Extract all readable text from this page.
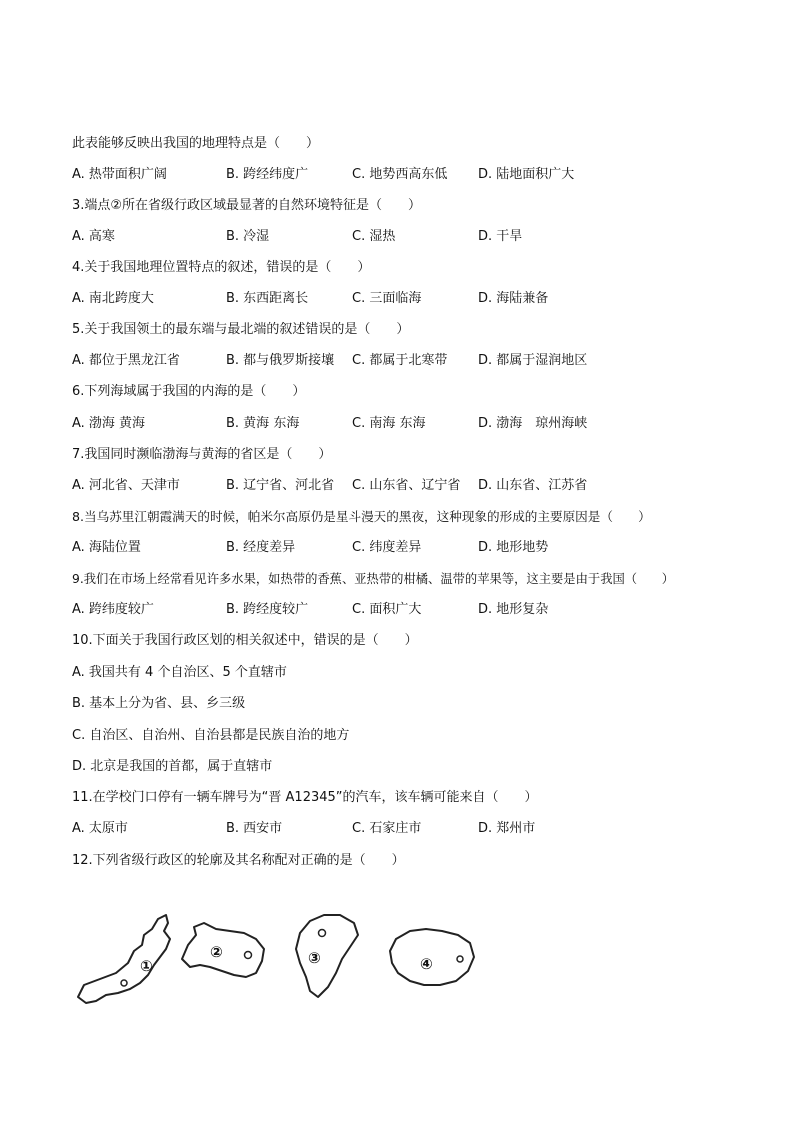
此表能够反映出我国的地理特点是（　　）
A. 热带面积广阔	B. 跨经纬度广	C. 地势西高东低 D. 陆地面积广大
3.端点②所在省级行政区域最显著的自然环境特征是（　　）
A. 高寒	B. 冷湿	C. 湿热	D. 干旱
4.关于我国地理位置特点的叙述，错误的是（　　）
A. 南北跨度大	B. 东西距离长	C. 三面临海	D. 海陆兼备
5.关于我国领土的最东端与最北端的叙述错误的是（　　）
A. 都位于黑龙江省	B. 都与俄罗斯接壤 C. 都属于北寒带 D. 都属于湿润地区
6.下列海域属于我国的内海的是（　　）
A. 渤海 黄海	B. 黄海 东海	C. 南海 东海	D. 渤海　琼州海峡
7.我国同时濒临渤海与黄海的省区是（　　）
A. 河北省、天津市	B. 辽宁省、河北省 C. 山东省、辽宁省 D. 山东省、江苏省
8.当乌苏里江朝霞满天的时候，帕米尔高原仍是星斗漫天的黑夜，这种现象的形成的主要原因是（　　）
A. 海陆位置	B. 经度差异	C. 纬度差异	D. 地形地势
9.我们在市场上经常看见许多水果，如热带的香蕉、亚热带的柑橘、温带的苹果等，这主要是由于我国（　　）
A. 跨纬度较广	B. 跨经度较广	C. 面积广大	D. 地形复杂
10.下面关于我国行政区划的相关叙述中，错误的是（　　）
A. 我国共有 4 个自治区、5 个直辖市
B. 基本上分为省、县、乡三级
C. 自治区、自治州、自治县都是民族自治的地方
D. 北京是我国的首都，属于直辖市
11.在学校门口停有一辆车牌号为“晋 A12345”的汽车，该车辆可能来自（　　）
A. 太原市	B. 西安市	C. 石家庄市	D. 郑州市
12.下列省级行政区的轮廓及其名称配对正确的是（　　）
①
②	③	④
